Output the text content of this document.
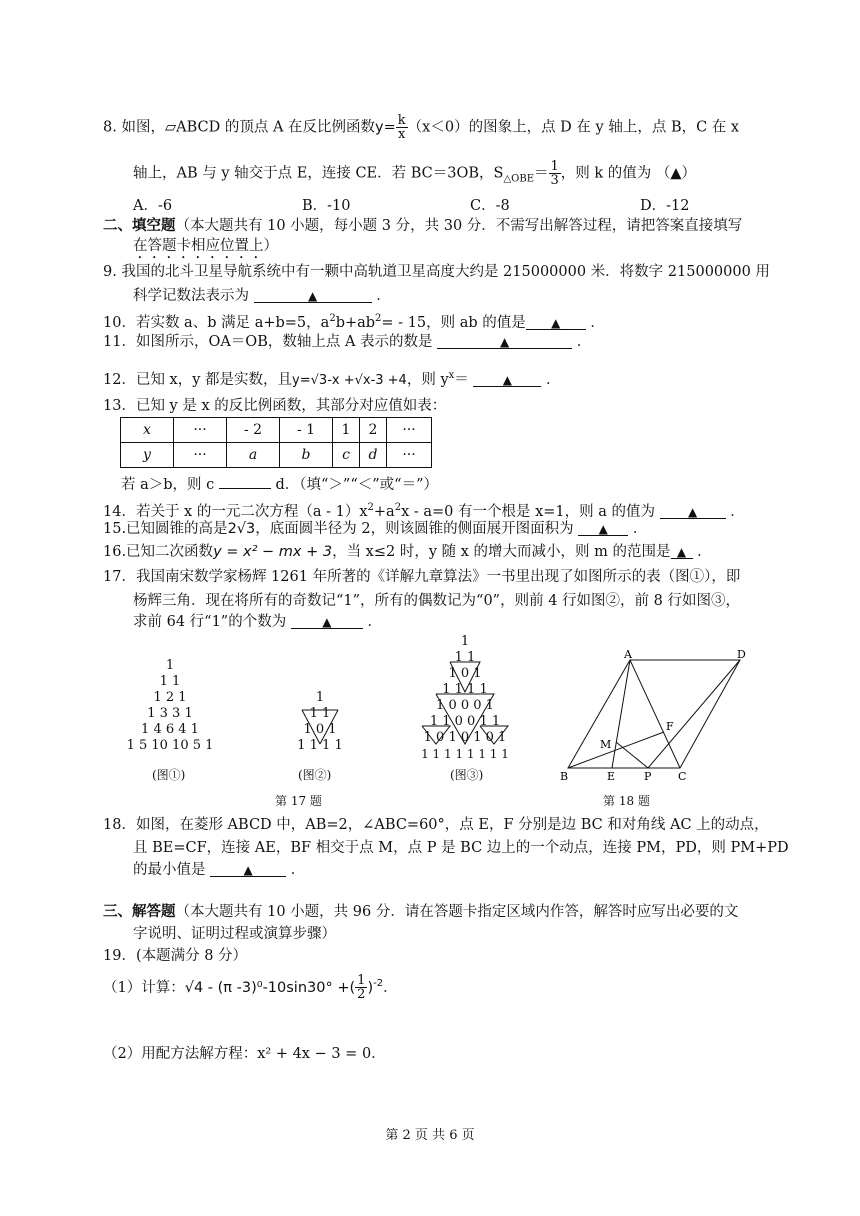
8. 如图，▱ABCD 的顶点 A 在反比例函数$y= \frac{k}{x} (x<0)$的图象上，点 D 在 y 轴上，点 B，C 在 x
轴上，AB 与 y 轴交于点 E，连接 CE．若 BC＝3OB，$S_{\triangle OBE}= \frac{1}{3}$ ，则 k 的值为 （▲）
A．-6	B．-10	C．-8	D．-12
二、填空题（本大题共有 10 小题，每小题 3 分，共 30 分．不需写出解答过程，请把答案直接填写
在答题卡相应位置上）
9. 我国的北斗卫星导航系统中有一颗中高轨道卫星高度大约是 215000000 米．将数字 215000000 用
科学记数法表示为	▲	．
10．若实数 a、b 满足 a+b=5，$a^2b+ab^2= - 15$，则 ab 的值是 ▲ ．
11．如图所示，OA＝OB，数轴上点 A 表示的数是	▲	．
12．已知 x，y 都是实数，且y=√3-x +√x-3 +4，则 $y^x=$	▲ ．
13．已知 y 是 x 的反比例函数，其部分对应值如表：
x	···	- 2	- 1	1	2	···
y	···	a	b	c	d	···
若 a＞b，则 c	d．（填“＞”“＜”或“＝”）
14．若关于 x 的一元二次方程$(a - 1)x^2+a^2x - a=0$ 有一个根是 x=1，则 a 的值为	▲ ．
15.已知圆锥的高是2√3，底面圆半径为 2，则该圆锥的侧面展开图面积为 ▲ ．
16.已知二次函数y = x² − mx + 3，当 x≤2 时，y 随 x 的增大而减小，则 m 的范围是 ▲ ．
17．我国南宋数学家杨辉 1261 年所著的《详解九章算法》一书里出现了如图所示的表（图①），即
杨辉三角．现在将所有的奇数记“1”，所有的偶数记为“0”，则前 4 行如图②，前 8 行如图③，
求前 64 行“1”的个数为	▲ ．
1
1 1
1 2 1
1 3 3 1
1 4 6 4 1
1 5 10 10 5 1
(图①)
1
1 1
1 0 1
1 1 1 1
(图②)
1
1 1
1 0 1
1 1 1 1
1 0 0 0 1
1 1 0 0 1 1
1 0 1 0 1 0 1
1 1 1 1 1 1 1 1
(图③)
第 17 题
A	D
B	E	P C
M
F
第 18 题
18．如图，在菱形 ABCD 中，AB=2，∠ABC=60°，点 E，F 分别是边 BC 和对角线 AC 上的动点，
且 BE=CF，连接 AE，BF 相交于点 M，点 P 是 BC 边上的一个动点，连接 PM，PD，则 PM+PD
的最小值是	▲ ．
三、解答题（本大题共有 10 小题，共 96 分．请在答题卡指定区域内作答，解答时应写出必要的文
字说明、证明过程或演算步骤）
19．(本题满分 8 分）
（1）计算：√4 - (π -3)⁰-10sin30° +( $\frac{1}{2} )^{-2}$．
（2）用配方法解方程：x² + 4x − 3 = 0．
第 2 页 共 6 页
